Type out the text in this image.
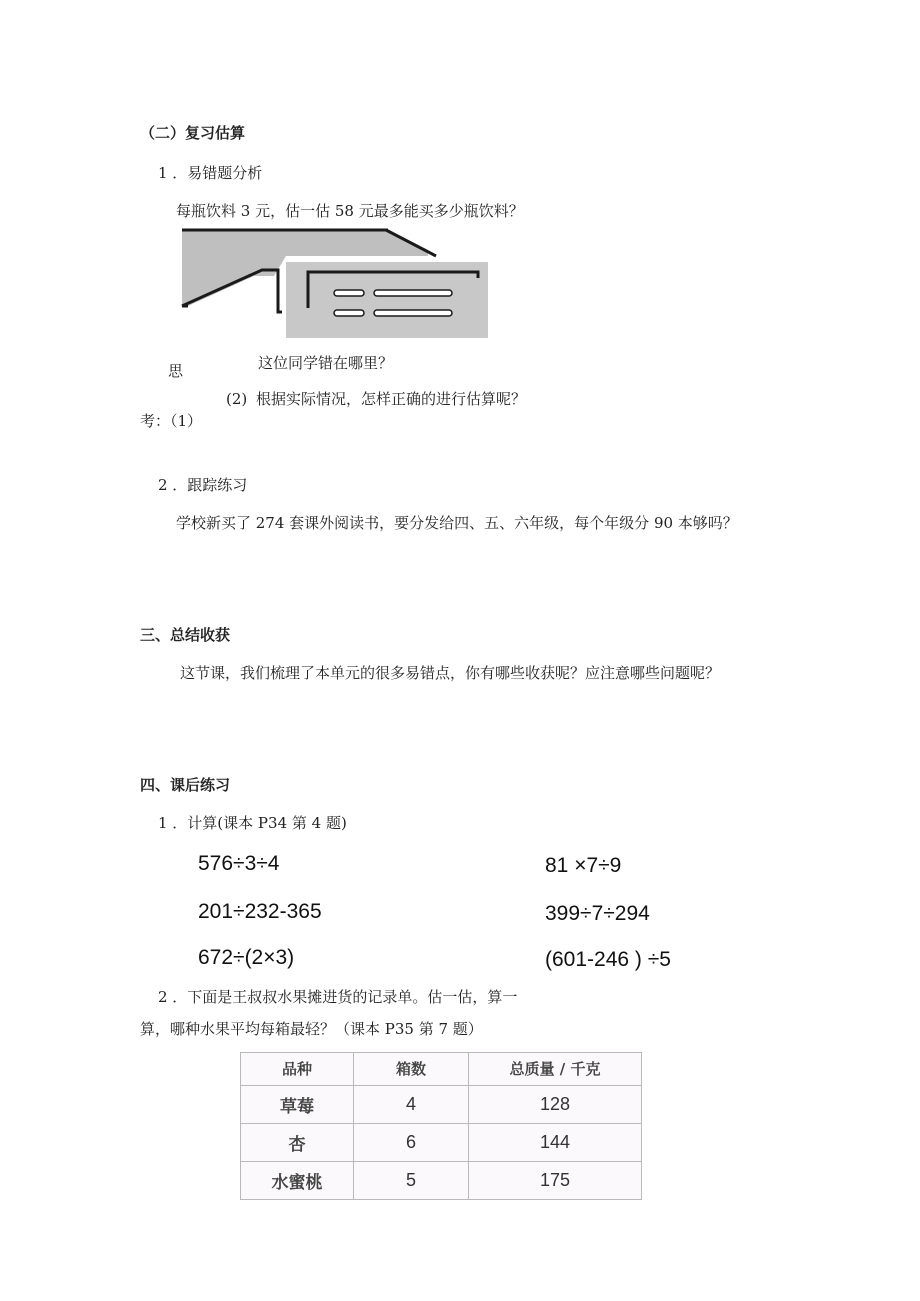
（二）复习估算
1 ．易错题分析
每瓶饮料 3 元，估一估 58 元最多能买多少瓶饮料？
思	这位同学错在哪里？
(2) 根据实际情况，怎样正确的进行估算呢？
考：（1）
2 ．跟踪练习
学校新买了 274 套课外阅读书，要分发给四、五、六年级，每个年级分 90 本够吗？
三、总结收获
这节课，我们梳理了本单元的很多易错点，你有哪些收获呢？应注意哪些问题呢？
四、课后练习
1 ．计算(课本 P34 第 4 题)
576÷3÷4	81 ×7÷9
201÷232-365	399÷7÷294
672÷(2×3)	(601-246 ) ÷5
2 ．下面是王叔叔水果摊进货的记录单。估一估，算一
算，哪种水果平均每箱最轻？（课本 P35 第 7 题）
品种	箱数	总质量 / 千克
草莓	4	128
杏	6	144
水蜜桃	5	175
